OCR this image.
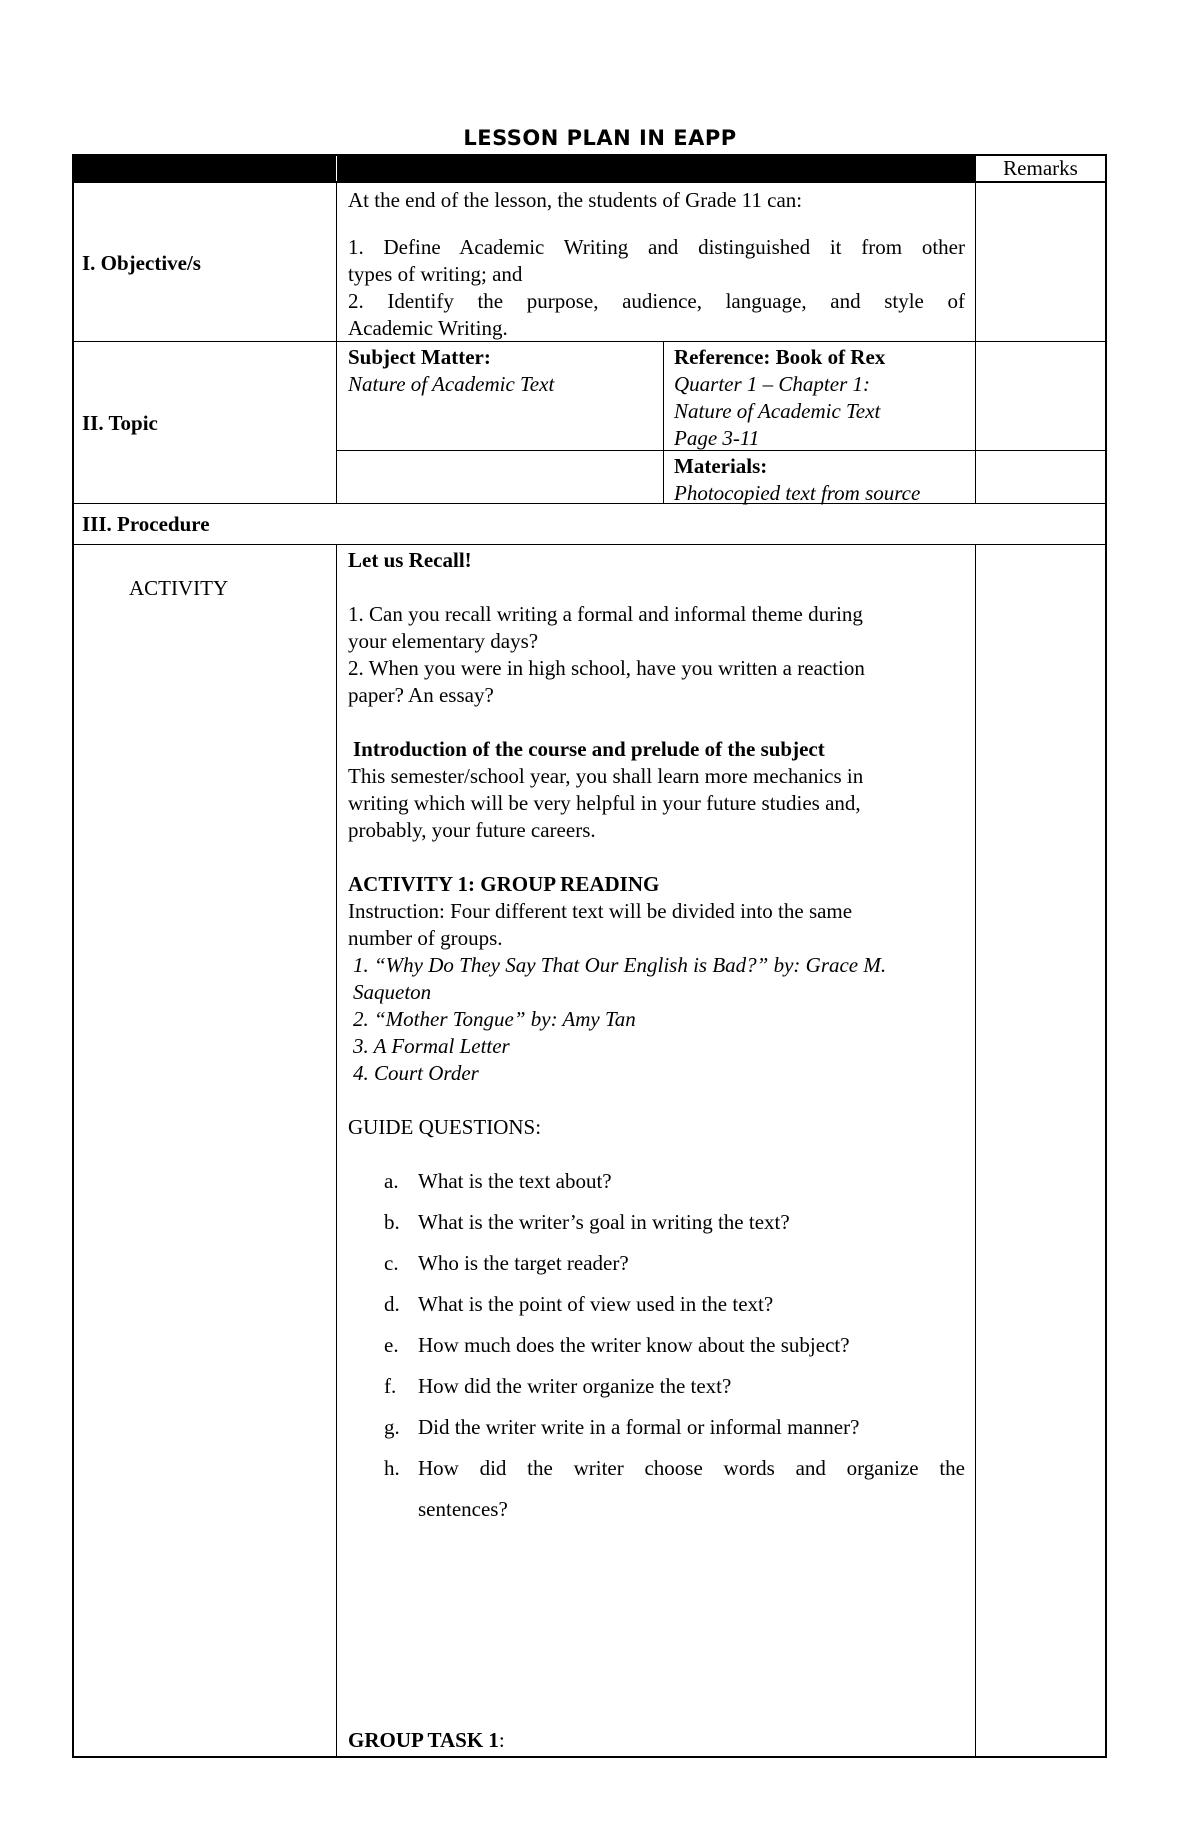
LESSON PLAN IN EAPP
Remarks
I. Objective/s
At the end of the lesson, the students of Grade 11 can:
1. Define Academic Writing and distinguished it from other
types of writing; and
2. Identify the purpose, audience, language, and style of
Academic Writing.
II. Topic
Subject Matter:
Nature of Academic Text
Reference: Book of Rex
Quarter 1 – Chapter 1:
Nature of Academic Text
Page 3-11
Materials:
Photocopied text from source
III. Procedure
ACTIVITY
Let us Recall!
1. Can you recall writing a formal and informal theme during
your elementary days?
2. When you were in high school, have you written a reaction
paper? An essay?
Introduction of the course and prelude of the subject
This semester/school year, you shall learn more mechanics in
writing which will be very helpful in your future studies and,
probably, your future careers.
ACTIVITY 1: GROUP READING
Instruction: Four different text will be divided into the same
number of groups.
1. “Why Do They Say That Our English is Bad?” by: Grace M.
Saqueton
2. “Mother Tongue” by: Amy Tan
3. A Formal Letter
4. Court Order
GUIDE QUESTIONS:
a. What is the text about?
b. What is the writer’s goal in writing the text?
c. Who is the target reader?
d. What is the point of view used in the text?
e. How much does the writer know about the subject?
f. How did the writer organize the text?
g. Did the writer write in a formal or informal manner?
h. How did the writer choose words and organize the
sentences?
GROUP TASK 1:
